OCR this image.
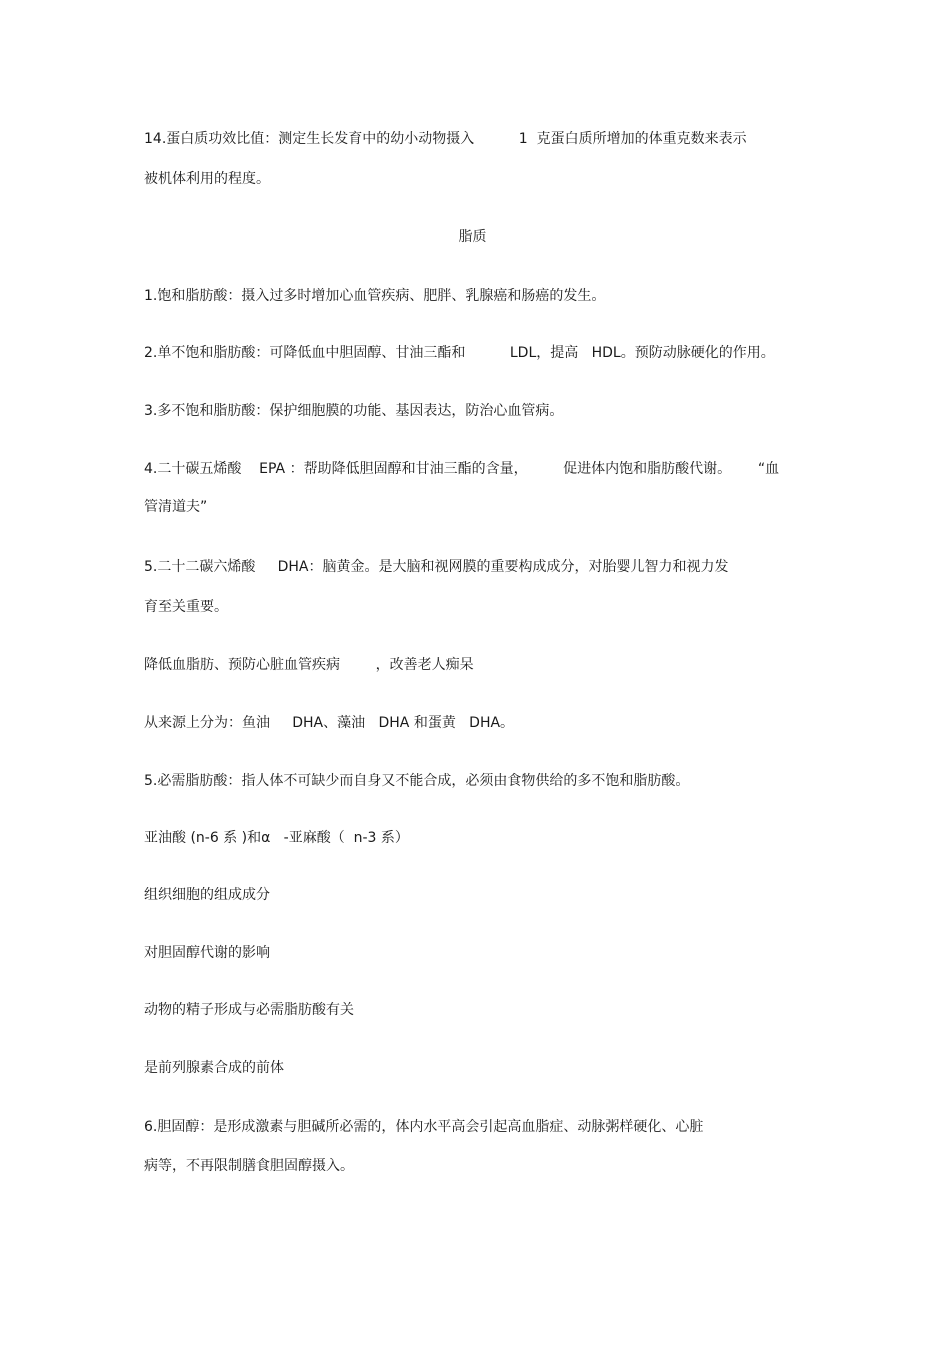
14.蛋白质功效比值：测定生长发育中的幼小动物摄入          1  克蛋白质所增加的体重克数来表示

被机体利用的程度。

脂质

1.饱和脂肪酸：摄入过多时增加心血管疾病、肥胖、乳腺癌和肠癌的发生。

2.单不饱和脂肪酸：可降低血中胆固醇、甘油三酯和          LDL，提高   HDL。预防动脉硬化的作用。

3.多不饱和脂肪酸：保护细胞膜的功能、基因表达，防治心血管病。

4.二十碳五烯酸    EPA ：帮助降低胆固醇和甘油三酯的含量，        促进体内饱和脂肪酸代谢。      “血

管清道夫”

5.二十二碳六烯酸     DHA：脑黄金。是大脑和视网膜的重要构成成分，对胎婴儿智力和视力发

育至关重要。

降低血脂肪、预防心脏血管疾病        ，改善老人痴呆

从来源上分为：鱼油     DHA、藻油   DHA 和蛋黄   DHA。

5.必需脂肪酸：指人体不可缺少而自身又不能合成，必须由食物供给的多不饱和脂肪酸。

亚油酸 (n-6 系 )和α   -亚麻酸（  n-3 系）

组织细胞的组成成分

对胆固醇代谢的影响

动物的精子形成与必需脂肪酸有关

是前列腺素合成的前体

6.胆固醇：是形成激素与胆碱所必需的，体内水平高会引起高血脂症、动脉粥样硬化、心脏

病等，不再限制膳食胆固醇摄入。
